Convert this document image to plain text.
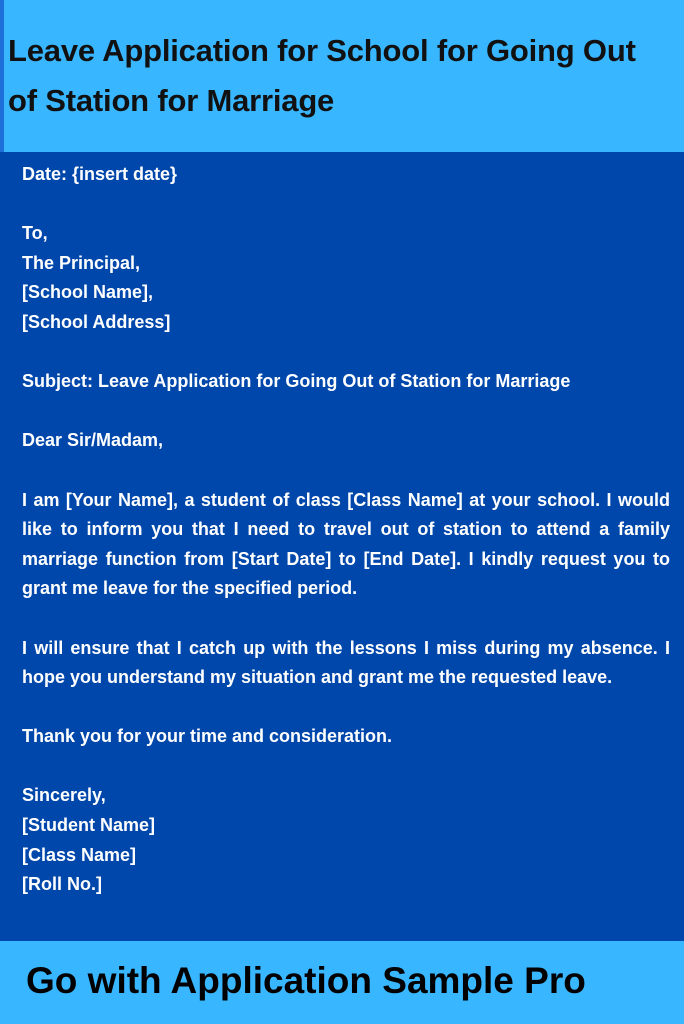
Leave Application for School for Going Out of Station for Marriage

Date: {insert date}

To,

The Principal,

[School Name],

[School Address]

Subject: Leave Application for Going Out of Station for Marriage

Dear Sir/Madam,

I am [Your Name], a student of class [Class Name] at your school. I would like to inform you that I need to travel out of station to attend a family marriage function from [Start Date] to [End Date]. I kindly request you to grant me leave for the specified period.

I will ensure that I catch up with the lessons I miss during my absence. I hope you understand my situation and grant me the requested leave.

Thank you for your time and consideration.

Sincerely,

[Student Name]

[Class Name]

[Roll No.]

Go with Application Sample Pro
